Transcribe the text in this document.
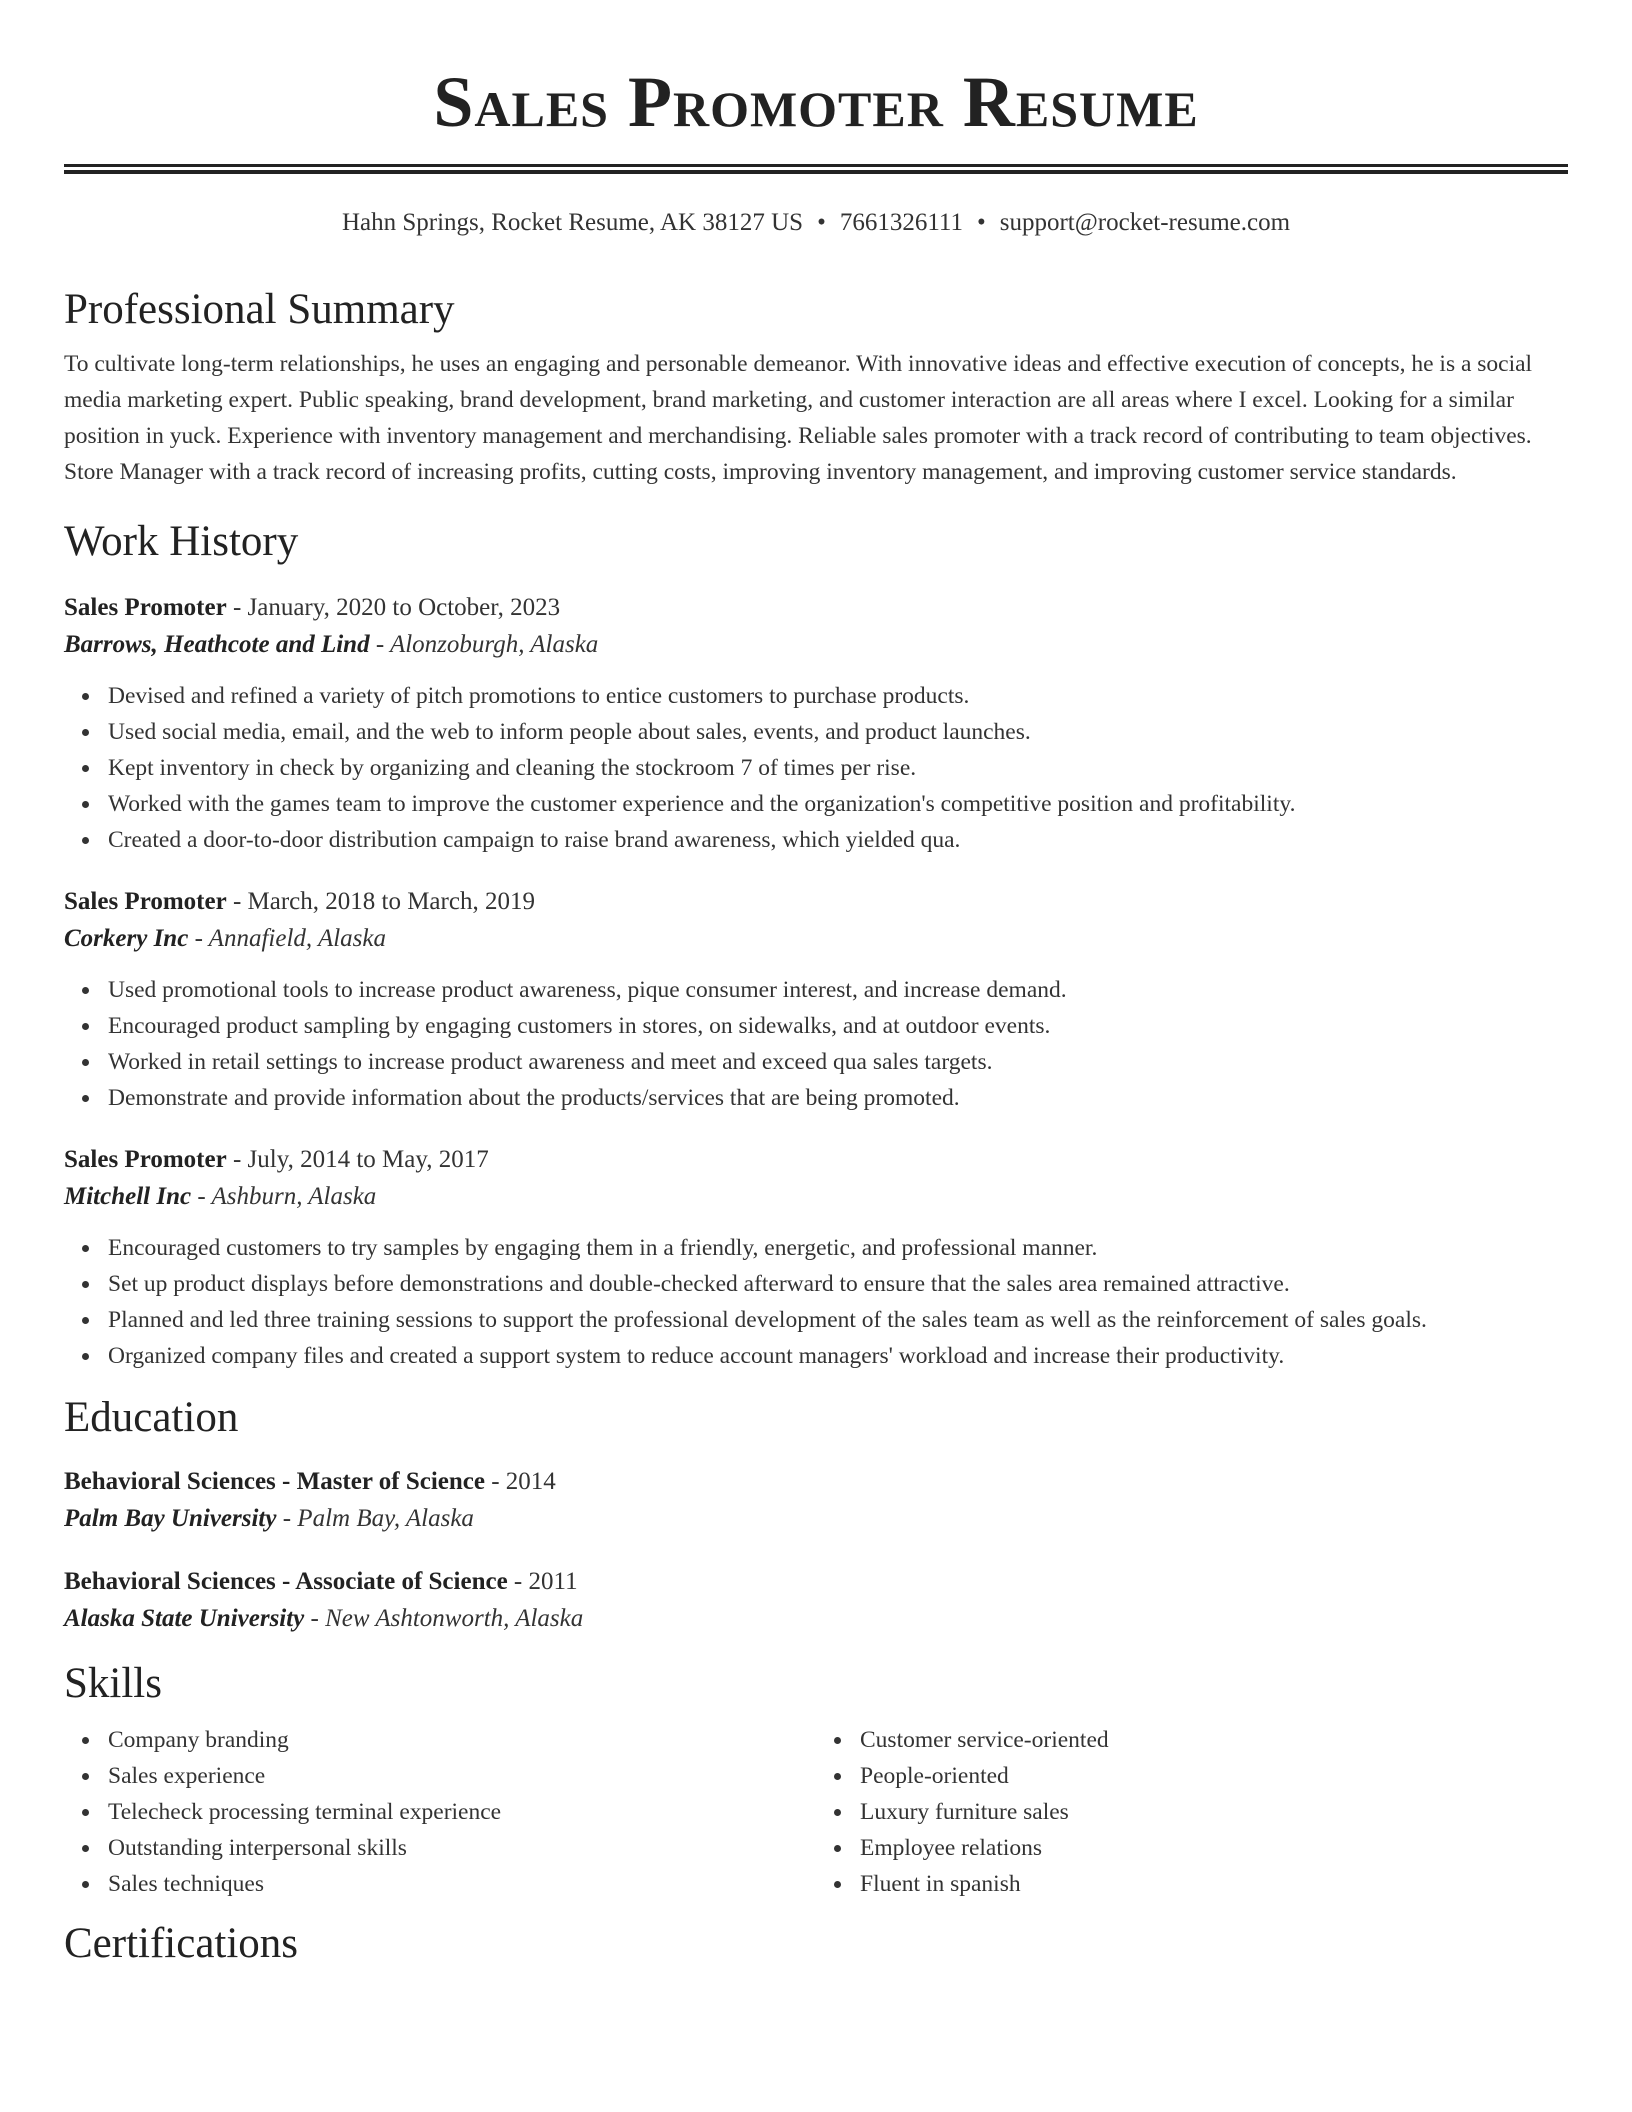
Sales Promoter Resume
Hahn Springs, Rocket Resume, AK 38127 US • 7661326111 • support@rocket-resume.com
Professional Summary

To cultivate long-term relationships, he uses an engaging and personable demeanor. With innovative ideas and effective execution of concepts, he is a social media marketing expert. Public speaking, brand development, brand marketing, and customer interaction are all areas where I excel. Looking for a similar position in yuck. Experience with inventory management and merchandising. Reliable sales promoter with a track record of contributing to team objectives. Store Manager with a track record of increasing profits, cutting costs, improving inventory management, and improving customer service standards.

Work History
Sales Promoter - January, 2020 to October, 2023
Barrows, Heathcote and Lind - Alonzoburgh, Alaska
Devised and refined a variety of pitch promotions to entice customers to purchase products.
Used social media, email, and the web to inform people about sales, events, and product launches.
Kept inventory in check by organizing and cleaning the stockroom 7 of times per rise.
Worked with the games team to improve the customer experience and the organization's competitive position and profitability.
Created a door-to-door distribution campaign to raise brand awareness, which yielded qua.
Sales Promoter - March, 2018 to March, 2019
Corkery Inc - Annafield, Alaska
Used promotional tools to increase product awareness, pique consumer interest, and increase demand.
Encouraged product sampling by engaging customers in stores, on sidewalks, and at outdoor events.
Worked in retail settings to increase product awareness and meet and exceed qua sales targets.
Demonstrate and provide information about the products/services that are being promoted.
Sales Promoter - July, 2014 to May, 2017
Mitchell Inc - Ashburn, Alaska
Encouraged customers to try samples by engaging them in a friendly, energetic, and professional manner.
Set up product displays before demonstrations and double-checked afterward to ensure that the sales area remained attractive.
Planned and led three training sessions to support the professional development of the sales team as well as the reinforcement of sales goals.
Organized company files and created a support system to reduce account managers' workload and increase their productivity.
Education
Behavioral Sciences - Master of Science - 2014
Palm Bay University - Palm Bay, Alaska
Behavioral Sciences - Associate of Science - 2011
Alaska State University - New Ashtonworth, Alaska
Skills
Company branding
Sales experience
Telecheck processing terminal experience
Outstanding interpersonal skills
Sales techniques
Customer service-oriented
People-oriented
Luxury furniture sales
Employee relations
Fluent in spanish
Certifications
